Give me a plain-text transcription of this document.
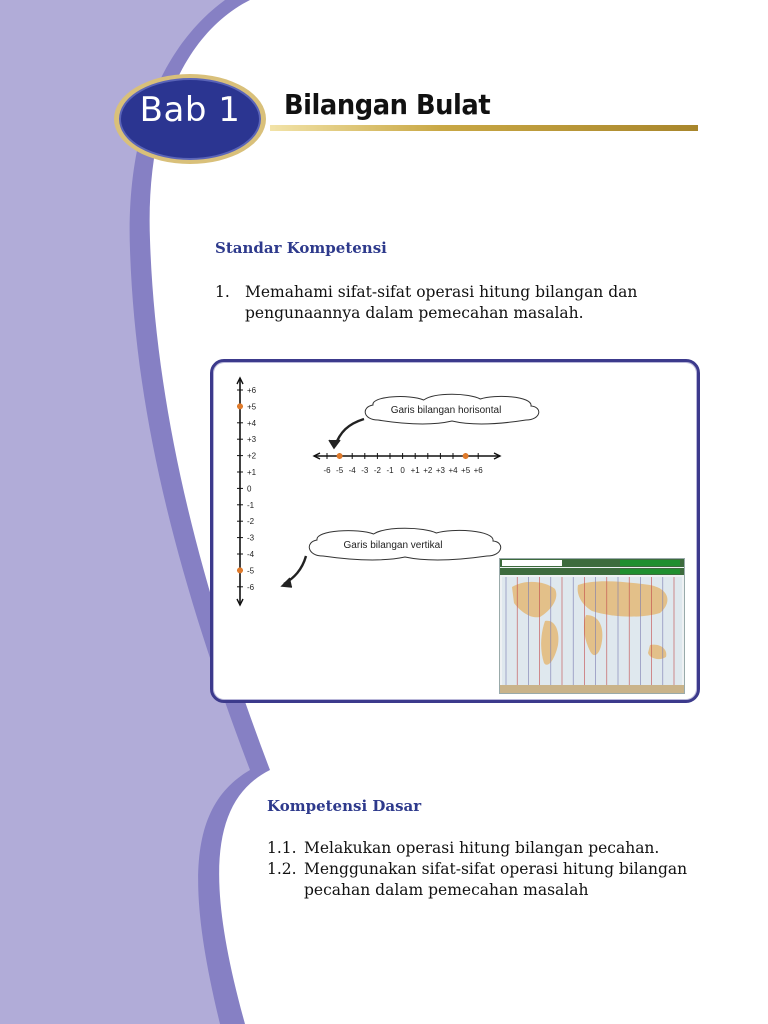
Bab 1	Bilangan Bulat
Standar Kompetensi
1. Memahami sifat-sifat operasi hitung bilangan dan pengunaannya dalam pemecahan masalah.
+6
+5
+4
+3
+2
+1
0
-1
-2
-3
-4
-5
-6
-6 -5 -4 -3 -2 -1 0 +1 +2 +3 +4 +5 +6
Garis bilangan horisontal
Garis bilangan vertikal
Kompetensi Dasar
1.1. Melakukan operasi hitung bilangan pecahan.
1.2. Menggunakan sifat-sifat operasi hitung bilangan pecahan dalam pemecahan masalah
